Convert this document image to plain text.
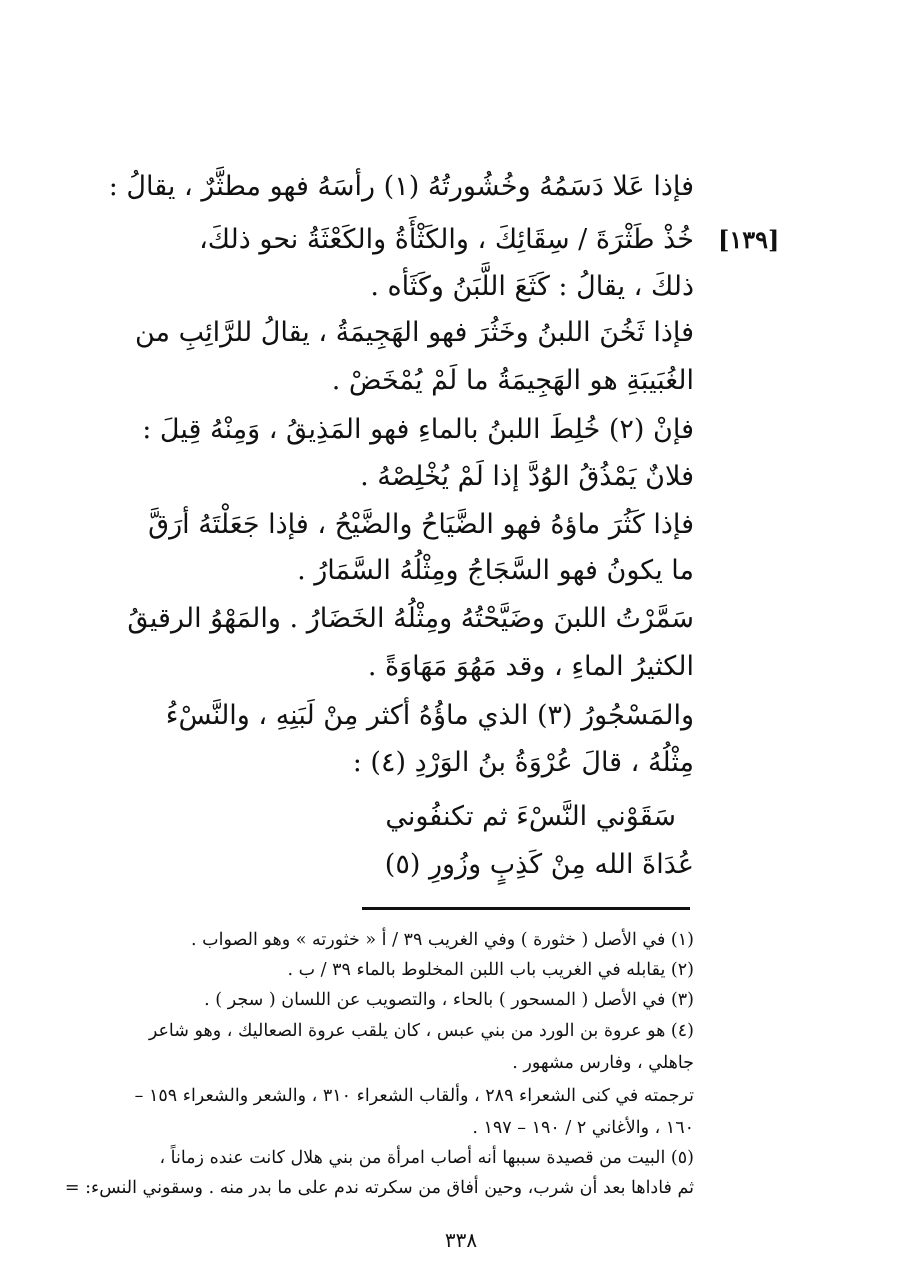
[١٣٩]
فإذا عَلا دَسَمُهُ وخُشُورتُهُ (١) رأسَهُ فهو مطثَّرٌ ، يقالُ :
خُذْ طَثْرَةَ / سِقَائِكَ ، والكَثْأَةُ والكَعْثَةُ نحو ذلكَ،
ذلكَ ، يقالُ : كَثَعَ اللَّبَنُ وكَثَأه .
فإذا ثَخُنَ اللبنُ وخَثُرَ فهو الهَجِيمَةُ ، يقالُ للرَّائِبِ من
الغُبَيبَةِ هو الهَجِيمَةُ ما لَمْ يُمْخَضْ .
فإنْ (٢) خُلِطَ اللبنُ بالماءِ فهو المَذِيقُ ، وَمِنْهُ قِيلَ :
فلانٌ يَمْذُقُ الوُدَّ إذا لَمْ يُخْلِصْهُ .
فإذا كَثُرَ ماؤهُ فهو الضَّيَاحُ والضَّيْحُ ، فإذا جَعَلْتَهُ أرَقَّ
ما يكونُ فهو السَّجَاجُ ومِثْلُهُ السَّمَارُ .
سَمَّرْتُ اللبنَ وضَيَّحْتُهُ ومِثْلُهُ الخَضَارُ . والمَهْوُ الرقيقُ
الكثيرُ الماءِ ، وقد مَهُوَ مَهَاوَةً .
والمَسْجُورُ (٣) الذي ماؤُهُ أكثر مِنْ لَبَنِهِ ، والنَّسْءُ
مِثْلُهُ ، قالَ عُرْوَةُ بنُ الوَرْدِ (٤) :
سَقَوْني النَّسْءَ ثم تكنفُوني
عُدَاةَ الله مِنْ كَذِبٍ وزُورِ (٥)
(١) في الأصل ( خثورة ) وفي الغريب ٣٩ / أ « خثورته » وهو الصواب .
(٢) يقابله في الغريب باب اللبن المخلوط بالماء ٣٩ / ب .
(٣) في الأصل ( المسحور ) بالحاء ، والتصويب عن اللسان ( سجر ) .
(٤) هو عروة بن الورد من بني عبس ، كان يلقب عروة الصعاليك ، وهو شاعر
جاهلي ، وفارس مشهور .
ترجمته في كنى الشعراء ٢٨٩ ، وألقاب الشعراء ٣١٠ ، والشعر والشعراء ١٥٩ –
١٦٠ ، والأغاني ٢ / ١٩٠ – ١٩٧ .
(٥) البيت من قصيدة سببها أنه أصاب امرأة من بني هلال كانت عنده زماناً ،
ثم فاداها بعد أن شرب، وحين أفاق من سكرته ندم على ما بدر منه . وسقوني النسء: =
٣٣٨
